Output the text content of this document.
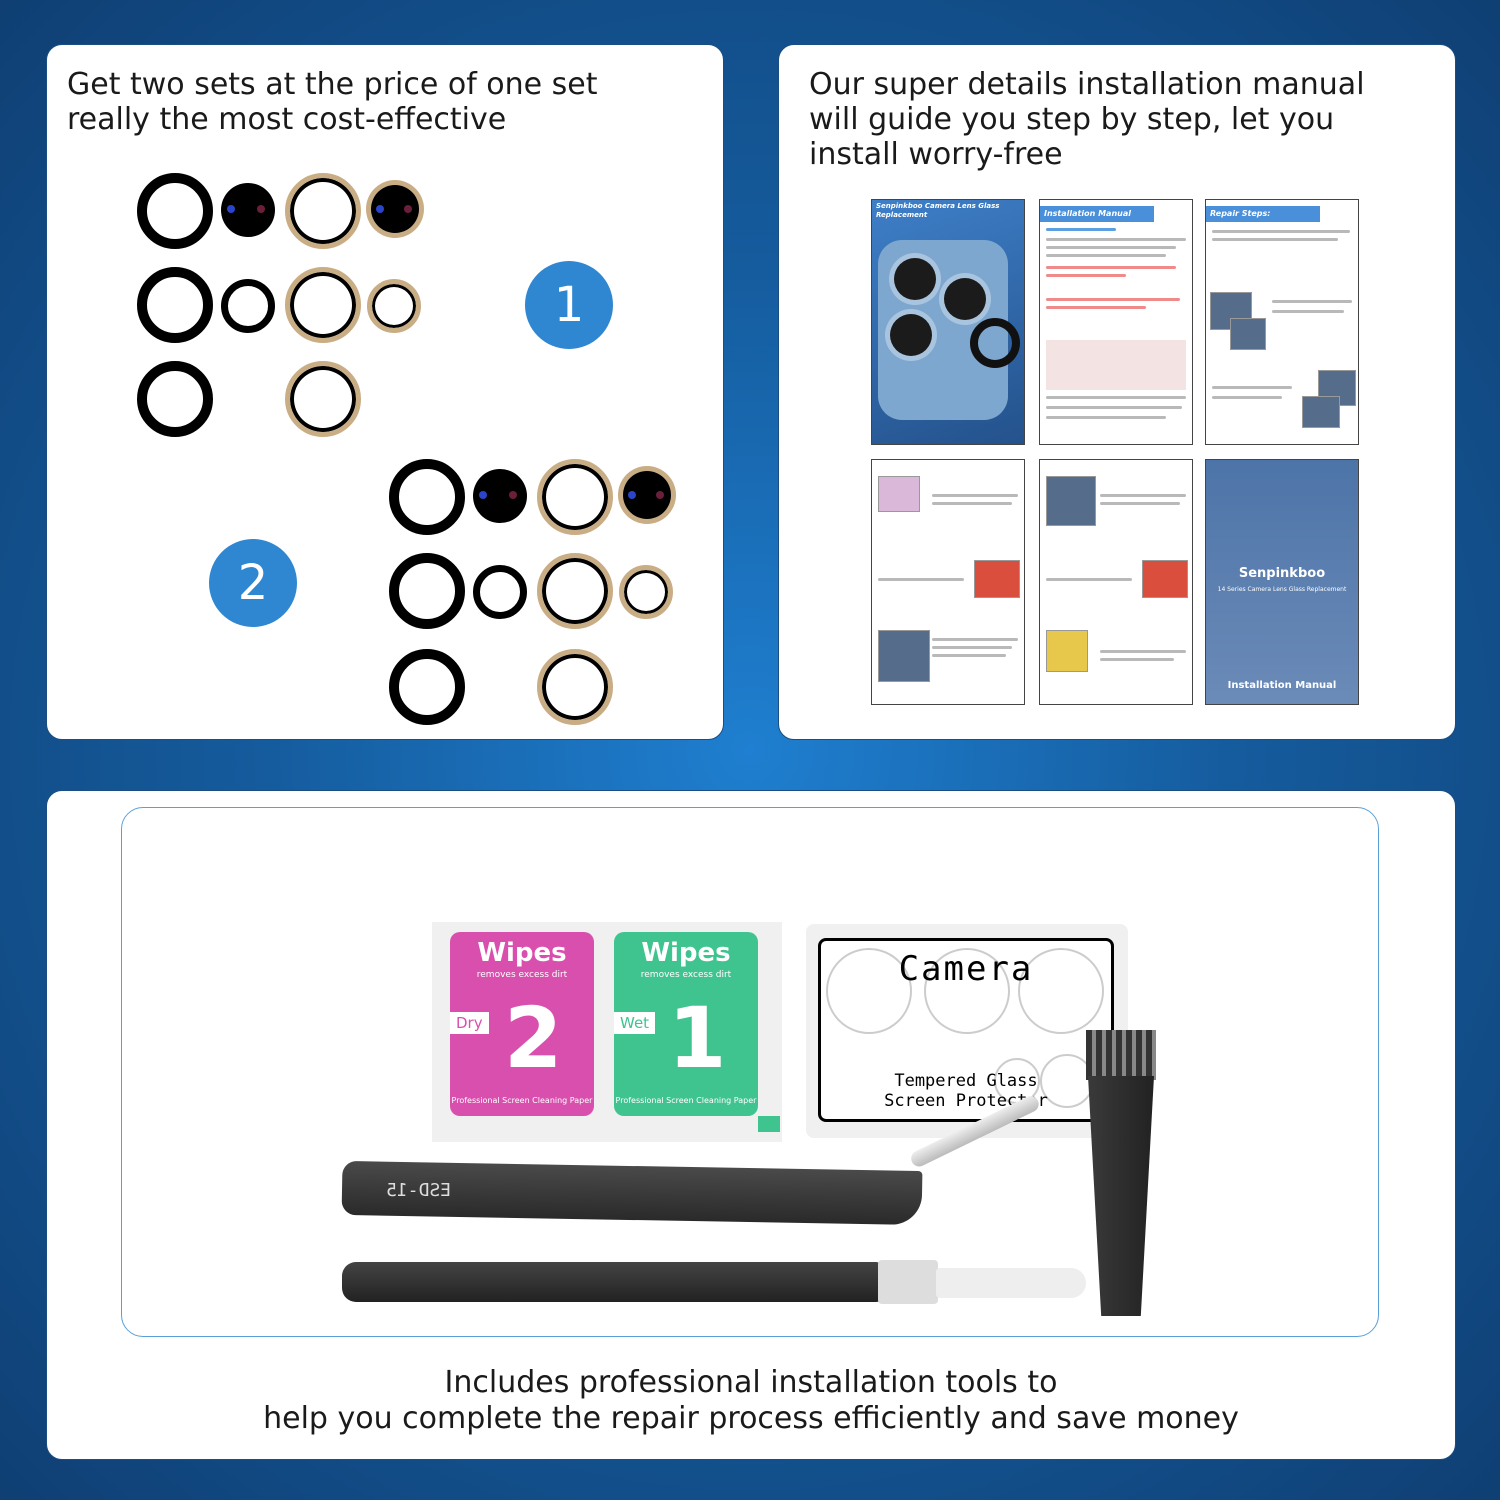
Get two sets at the price of one set
really the most cost-effective

1
2

Our super details installation manual
will guide you step by step, let you
install worry-free

Senpinkboo Camera Lens Glass Replacement	Installation Manual	Repair Steps:
Senpinkboo
14 Series Camera Lens Glass Replacement
Installation Manual
Wipes
removes excess dirt
Dry 2
Professional Screen Cleaning Paper
Wipes
removes excess dirt
Wet 1
Professional Screen Cleaning Paper
Camera
Tempered Glass
Screen Protector
ESD-15
Includes professional installation tools to
help you complete the repair process efficiently and save money
